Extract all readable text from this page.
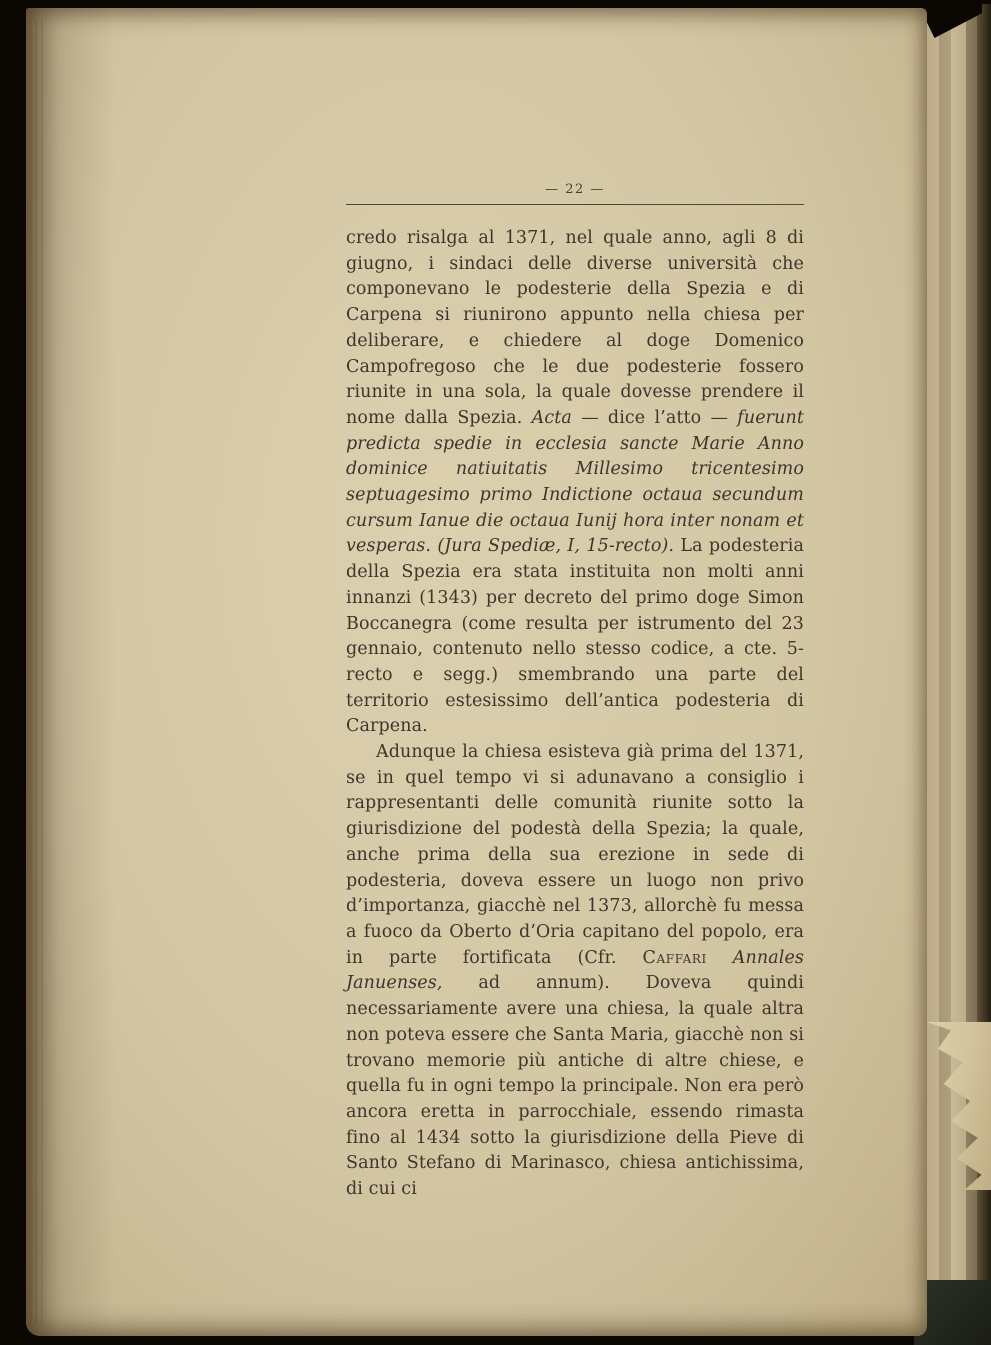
— 22 —

credo risalga al 1371, nel quale anno, agli 8 di giugno, i sindaci delle diverse università che componevano le podesterie della Spezia e di Carpena si riunirono appunto nella chiesa per deliberare, e chiedere al doge Domenico Campofregoso che le due podesterie fossero riunite in una sola, la quale dovesse prendere il nome dalla Spezia. Acta — dice l’atto — fuerunt predicta spedie in ecclesia sancte Marie Anno dominice natiuitatis Millesimo tricentesimo septuagesimo primo Indictione octaua secundum cursum Ianue die octaua Iunij hora inter nonam et vesperas. (Jura Spediæ, I, 15-recto). La podesteria della Spezia era stata instituita non molti anni innanzi (1343) per decreto del primo doge Simon Boccanegra (come resulta per istrumento del 23 gennaio, contenuto nello stesso codice, a cte. 5-recto e segg.) smembrando una parte del territorio estesissimo dell’antica podesteria di Carpena.

Adunque la chiesa esisteva già prima del 1371, se in quel tempo vi si adunavano a consiglio i rappresentanti delle comunità riunite sotto la giurisdizione del podestà della Spezia; la quale, anche prima della sua erezione in sede di podesteria, doveva essere un luogo non privo d’importanza, giacchè nel 1373, allorchè fu messa a fuoco da Oberto d’Oria capitano del popolo, era in parte fortificata (Cfr. Caffari Annales Januenses, ad annum). Doveva quindi necessariamente avere una chiesa, la quale altra non poteva essere che Santa Maria, giacchè non si trovano memorie più antiche di altre chiese, e quella fu in ogni tempo la principale. Non era però ancora eretta in parrocchiale, essendo rimasta fino al 1434 sotto la giurisdizione della Pieve di Santo Stefano di Marinasco, chiesa antichissima, di cui ci
